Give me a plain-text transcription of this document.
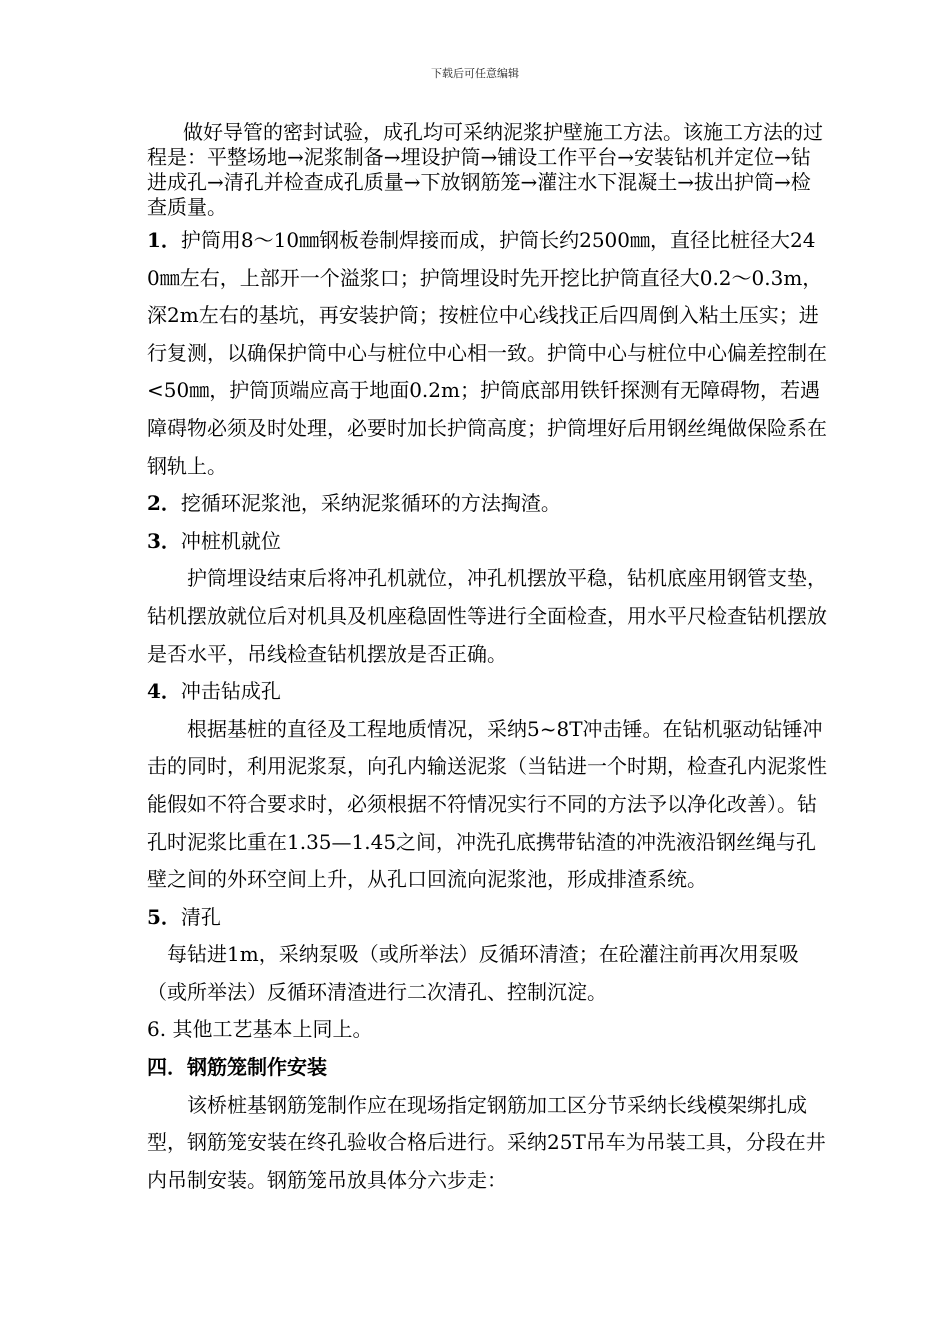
下载后可任意编辑

做好导管的密封试验，成孔均可采纳泥浆护壁施工方法。该施工方法的过程是：平整场地→泥浆制备→埋设护筒→铺设工作平台→安装钻机并定位→钻进成孔→清孔并检查成孔质量→下放钢筋笼→灌注水下混凝土→拔出护筒→检查质量。

1．护筒用8～10㎜钢板卷制焊接而成，护筒长约2500㎜，直径比桩径大240㎜左右，上部开一个溢浆口；护筒埋设时先开挖比护筒直径大0.2～0.3m，深2m左右的基坑，再安装护筒；按桩位中心线找正后四周倒入粘土压实；进行复测，以确保护筒中心与桩位中心相一致。护筒中心与桩位中心偏差控制在<50㎜，护筒顶端应高于地面0.2m；护筒底部用铁钎探测有无障碍物，若遇障碍物必须及时处理，必要时加长护筒高度；护筒埋好后用钢丝绳做保险系在钢轨上。

2．挖循环泥浆池，采纳泥浆循环的方法掏渣。

3．冲桩机就位

护筒埋设结束后将冲孔机就位，冲孔机摆放平稳，钻机底座用钢管支垫，钻机摆放就位后对机具及机座稳固性等进行全面检查，用水平尺检查钻机摆放是否水平，吊线检查钻机摆放是否正确。

4．冲击钻成孔

根据基桩的直径及工程地质情况，采纳5~8T冲击锤。在钻机驱动钻锤冲击的同时，利用泥浆泵，向孔内输送泥浆（当钻进一个时期，检查孔内泥浆性能假如不符合要求时，必须根据不符情况实行不同的方法予以净化改善）。钻孔时泥浆比重在1.35—1.45之间，冲洗孔底携带钻渣的冲洗液沿钢丝绳与孔壁之间的外环空间上升，从孔口回流向泥浆池，形成排渣系统。

5．清孔

每钻进1m，采纳泵吸（或所举法）反循环清渣；在砼灌注前再次用泵吸（或所举法）反循环清渣进行二次清孔、控制沉淀。

6. 其他工艺基本上同上。

四．钢筋笼制作安装

该桥桩基钢筋笼制作应在现场指定钢筋加工区分节采纳长线模架绑扎成型，钢筋笼安装在终孔验收合格后进行。采纳25T吊车为吊装工具，分段在井内吊制安装。钢筋笼吊放具体分六步走：
